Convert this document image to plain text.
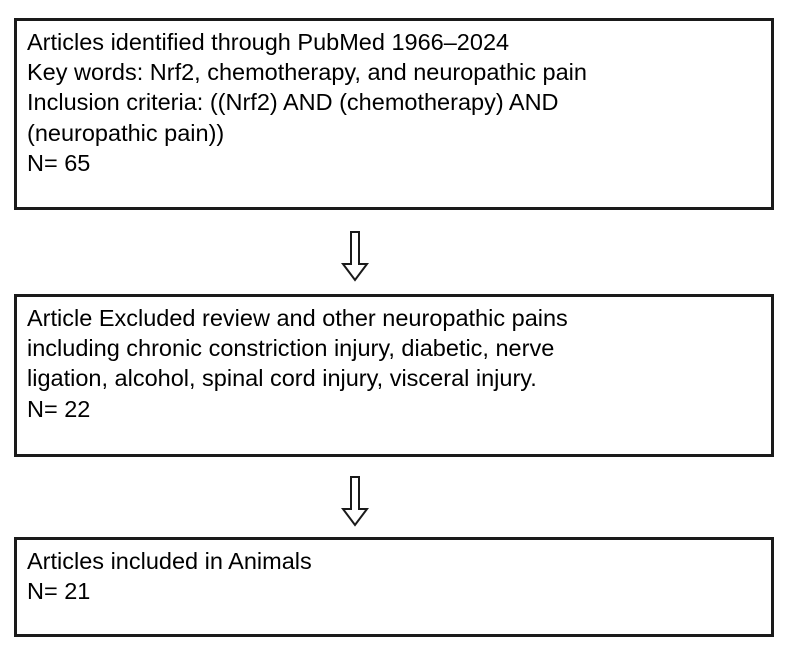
Articles identified through PubMed 1966–2024
Key words: Nrf2, chemotherapy, and neuropathic pain
Inclusion criteria: ((Nrf2) AND (chemotherapy) AND
(neuropathic pain))
N= 65
Article Excluded review and other neuropathic pains
including chronic constriction injury, diabetic, nerve
ligation, alcohol, spinal cord injury, visceral injury.
N= 22
Articles included in Animals
N= 21
